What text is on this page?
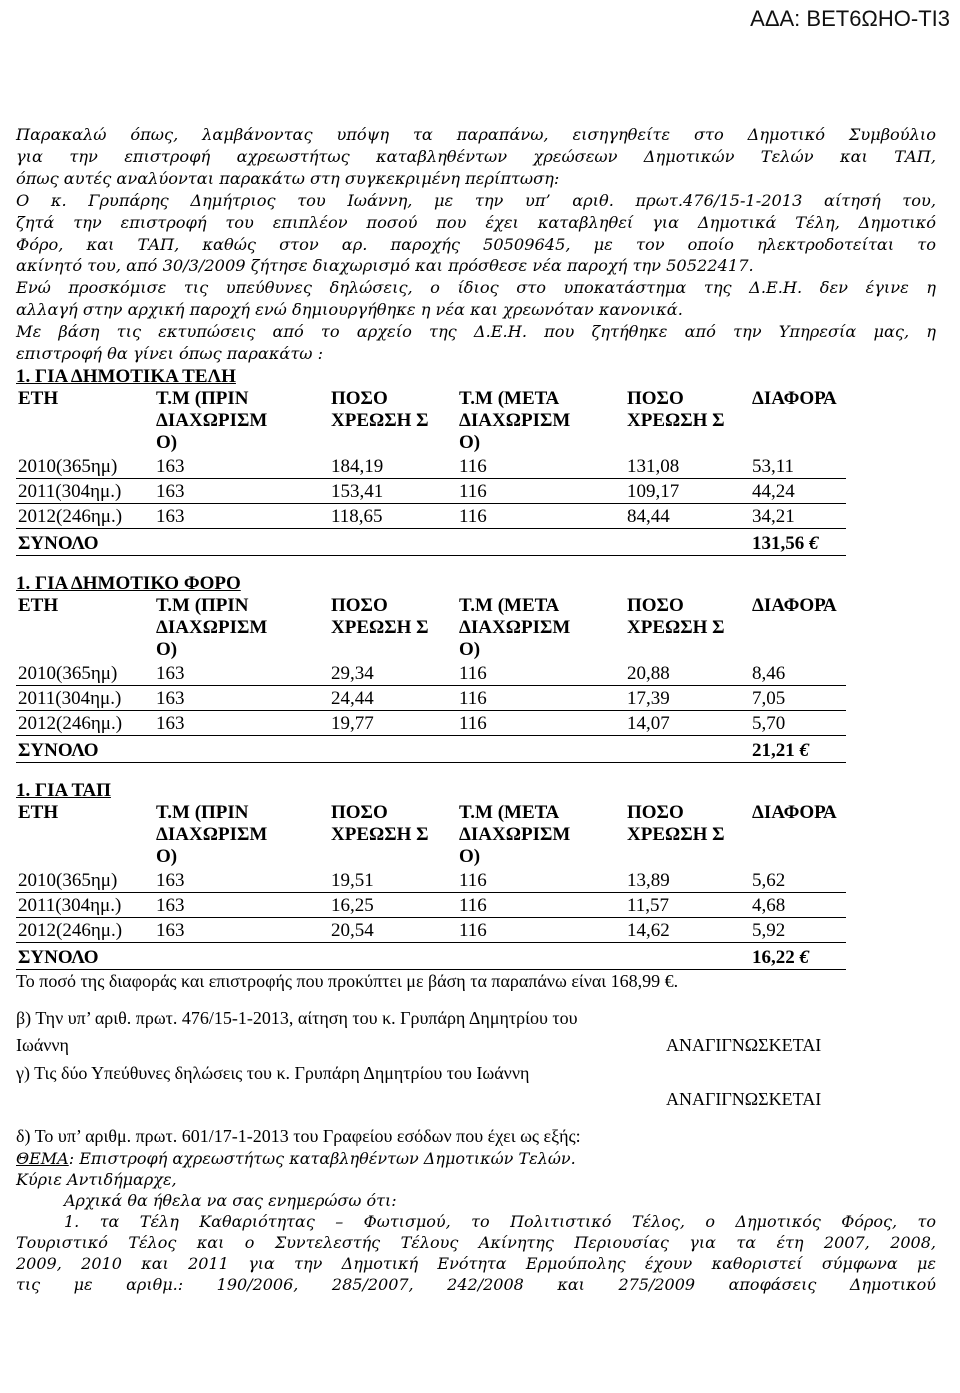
ΑΔΑ: ΒΕΤ6ΩΗΟ-ΤΙ3

Παρακαλώ όπως, λαμβάνοντας υπόψη τα παραπάνω, εισηγηθείτε στο Δημοτικό Συμβούλιο

για την επιστροφή αχρεωστήτως καταβληθέντων χρεώσεων Δημοτικών Τελών και ΤΑΠ,

όπως αυτές αναλύονται παρακάτω στη συγκεκριμένη περίπτωση:

Ο κ. Γρυπάρης Δημήτριος του Ιωάννη, με την υπ’ αριθ. πρωτ.476/15-1-2013 αίτησή του,

ζητά την επιστροφή του επιπλέον ποσού που έχει καταβληθεί για Δημοτικά Τέλη, Δημοτικό

Φόρο, και ΤΑΠ, καθώς στον αρ. παροχής 50509645, με τον οποίο ηλεκτροδοτείται το

ακίνητό του, από 30/3/2009 ζήτησε διαχωρισμό και πρόσθεσε νέα παροχή την 50522417.

Ενώ προσκόμισε τις υπεύθυνες δηλώσεις, ο ίδιος στο υποκατάστημα της Δ.Ε.Η. δεν έγινε η

αλλαγή στην αρχική παροχή ενώ δημιουργήθηκε η νέα και χρεωνόταν κανονικά.

Με βάση τις εκτυπώσεις από το αρχείο της Δ.Ε.Η. που ζητήθηκε από την Υπηρεσία μας, η

επιστροφή θα γίνει όπως παρακάτω :

1. ΓΙΑ ΔΗΜΟΤΙΚΑ ΤΕΛΗ
ΕΤΗ	Τ.Μ (ΠΡΙΝ ΔΙΑΧΩΡΙΣΜ Ο)	ΠΟΣΟ ΧΡΕΩΣΗ Σ	Τ.Μ (ΜΕΤΑ ΔΙΑΧΩΡΙΣΜ Ο)	ΠΟΣΟ ΧΡΕΩΣΗ Σ	ΔΙΑΦΟΡΑ
2010(365ημ)	163	184,19	116	131,08	53,11
2011(304ημ.)	163	153,41	116	109,17	44,24
2012(246ημ.)	163	118,65	116	84,44	34,21
ΣΥΝΟΛΟ					131,56 €
1. ΓΙΑ ΔΗΜΟΤΙΚΟ ΦΟΡΟ
ΕΤΗ	Τ.Μ (ΠΡΙΝ ΔΙΑΧΩΡΙΣΜ Ο)	ΠΟΣΟ ΧΡΕΩΣΗ Σ	Τ.Μ (ΜΕΤΑ ΔΙΑΧΩΡΙΣΜ Ο)	ΠΟΣΟ ΧΡΕΩΣΗ Σ	ΔΙΑΦΟΡΑ
2010(365ημ)	163	29,34	116	20,88	8,46
2011(304ημ.)	163	24,44	116	17,39	7,05
2012(246ημ.)	163	19,77	116	14,07	5,70
ΣΥΝΟΛΟ					21,21 €
1. ΓΙΑ ΤΑΠ
ΕΤΗ	Τ.Μ (ΠΡΙΝ ΔΙΑΧΩΡΙΣΜ Ο)	ΠΟΣΟ ΧΡΕΩΣΗ Σ	Τ.Μ (ΜΕΤΑ ΔΙΑΧΩΡΙΣΜ Ο)	ΠΟΣΟ ΧΡΕΩΣΗ Σ	ΔΙΑΦΟΡΑ
2010(365ημ)	163	19,51	116	13,89	5,62
2011(304ημ.)	163	16,25	116	11,57	4,68
2012(246ημ.)	163	20,54	116	14,62	5,92
ΣΥΝΟΛΟ					16,22 €
Το ποσό της διαφοράς και επιστροφής που προκύπτει με βάση τα παραπάνω είναι 168,99 €.
β) Την υπ’ αριθ. πρωτ. 476/15-1-2013, αίτηση του κ. Γρυπάρη Δημητρίου του
Ιωάννη	ΑΝΑΓΙΓΝΩΣΚΕΤΑΙ
γ) Τις δύο Υπεύθυνες δηλώσεις του κ. Γρυπάρη Δημητρίου του Ιωάννη
ΑΝΑΓΙΓΝΩΣΚΕΤΑΙ
δ) Το υπ’ αριθμ. πρωτ. 601/17-1-2013 του Γραφείου εσόδων που έχει ως εξής:
ΘΕΜΑ: Επιστροφή αχρεωστήτως καταβληθέντων Δημοτικών Τελών.
Κύριε Αντιδήμαρχε,
Αρχικά θα ήθελα να σας ενημερώσω ότι:
1. τα Τέλη Καθαριότητας – Φωτισμού, το Πολιτιστικό Τέλος, ο Δημοτικός Φόρος, το
Τουριστικό Τέλος και ο Συντελεστής Τέλους Ακίνητης Περιουσίας για τα έτη 2007, 2008,
2009, 2010 και 2011 για την Δημοτική Ενότητα Ερμούπολης έχουν καθοριστεί σύμφωνα με
τις με αριθμ.: 190/2006, 285/2007, 242/2008 και 275/2009 αποφάσεις Δημοτικού
